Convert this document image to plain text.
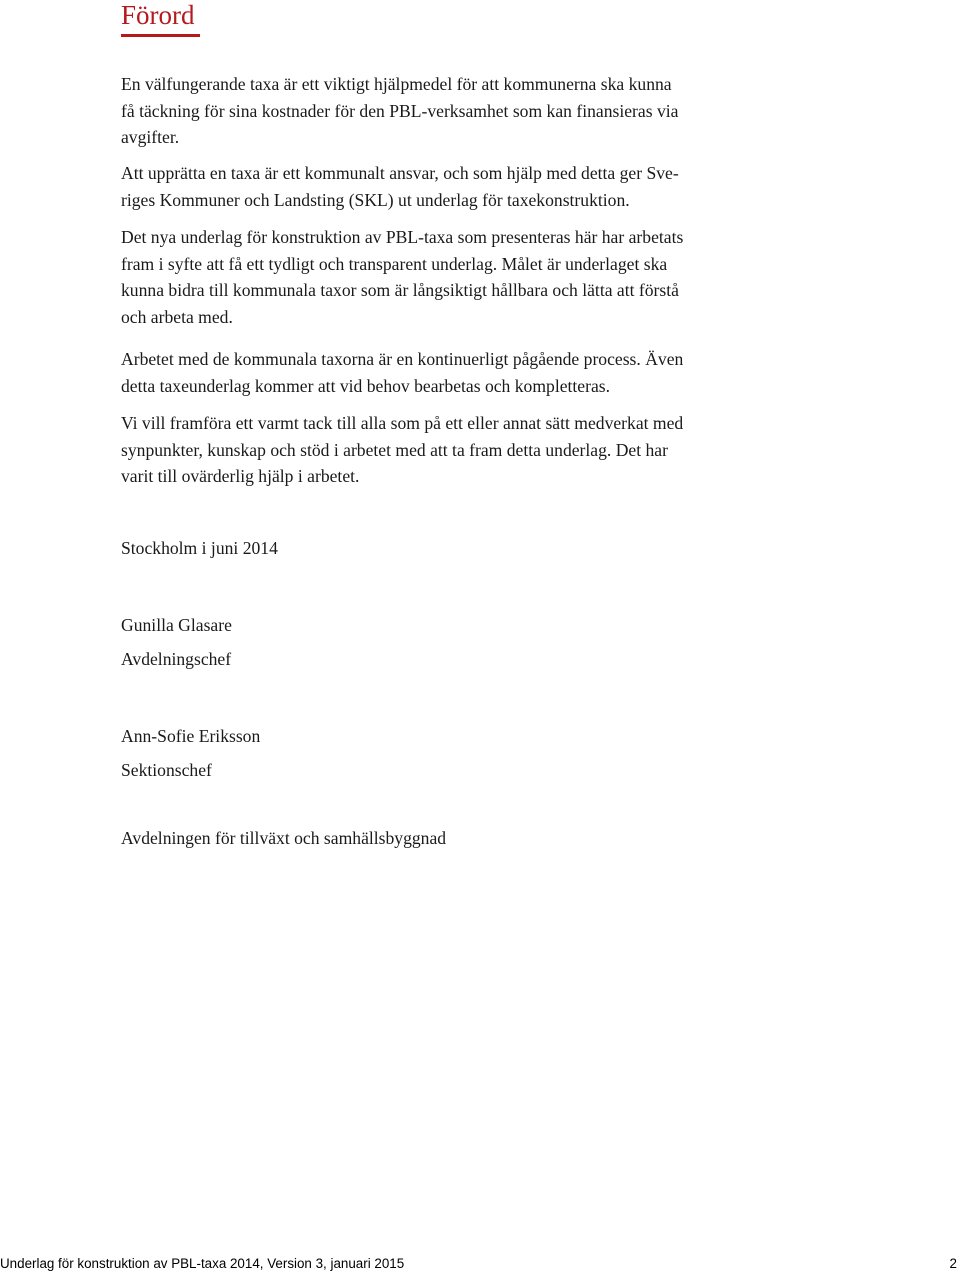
Förord

En välfungerande taxa är ett viktigt hjälpmedel för att kommunerna ska kunna
få täckning för sina kostnader för den PBL-verksamhet som kan finansieras via
avgifter.

Att upprätta en taxa är ett kommunalt ansvar, och som hjälp med detta ger Sve-
riges Kommuner och Landsting (SKL) ut underlag för taxekonstruktion.

Det nya underlag för konstruktion av PBL-taxa som presenteras här har arbetats
fram i syfte att få ett tydligt och transparent underlag. Målet är underlaget ska
kunna bidra till kommunala taxor som är långsiktigt hållbara och lätta att förstå
och arbeta med.

Arbetet med de kommunala taxorna är en kontinuerligt pågående process. Även
detta taxeunderlag kommer att vid behov bearbetas och kompletteras.

Vi vill framföra ett varmt tack till alla som på ett eller annat sätt medverkat med
synpunkter, kunskap och stöd i arbetet med att ta fram detta underlag. Det har
varit till ovärderlig hjälp i arbetet.

Stockholm i juni 2014

Gunilla Glasare

Avdelningschef

Ann-Sofie Eriksson

Sektionschef

Avdelningen för tillväxt och samhällsbyggnad

Underlag för konstruktion av PBL-taxa 2014, Version 3, januari 2015	2
